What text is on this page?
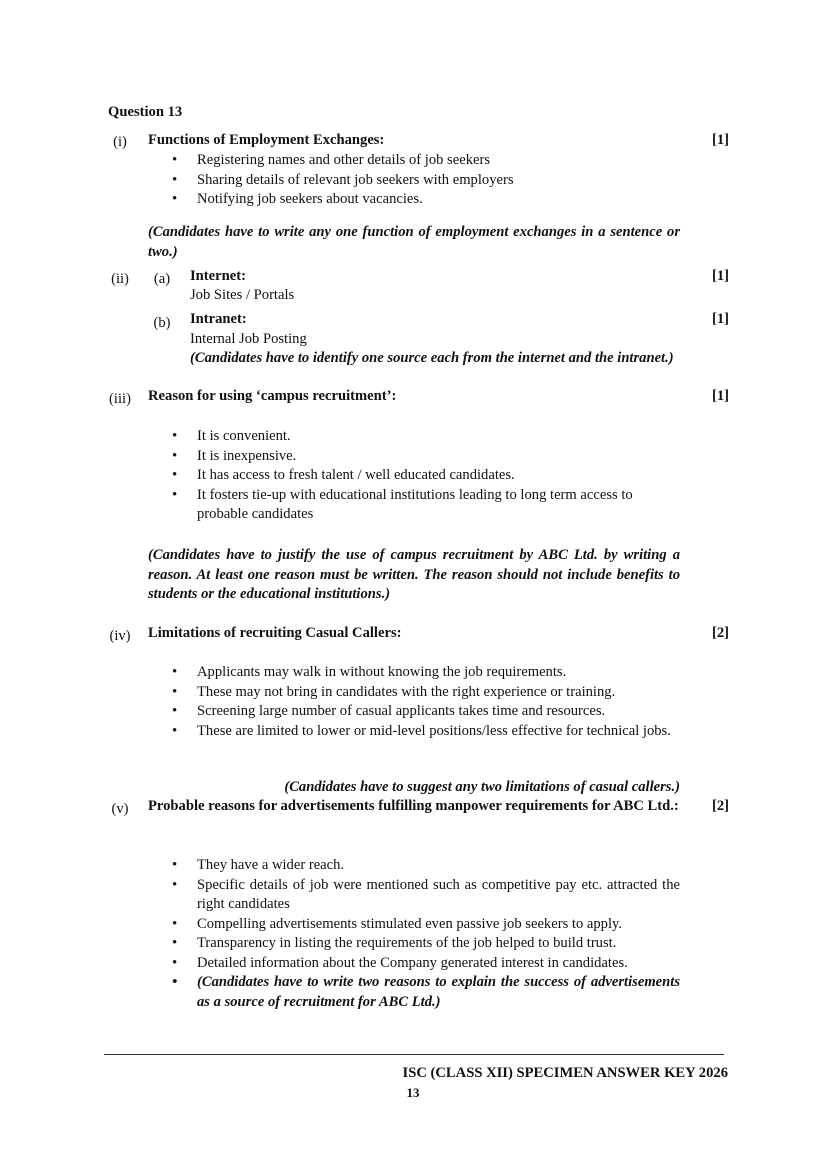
Question 13
(i)	Functions of Employment Exchanges:	[1]
• Registering names and other details of job seekers
• Sharing details of relevant job seekers with employers
• Notifying job seekers about vacancies.
(Candidates have to write any one function of employment exchanges in a sentence or two.)
(ii)	(a) Internet:	[1]
Job Sites / Portals
(b) Intranet:	[1]
Internal Job Posting
(Candidates have to identify one source each from the internet and the intranet.)
(iii)	Reason for using ‘campus recruitment’:	[1]
• It is convenient.
• It is inexpensive.
• It has access to fresh talent / well educated candidates.
• It fosters tie-up with educational institutions leading to long term access to probable candidates
(Candidates have to justify the use of campus recruitment by ABC Ltd. by writing a reason. At least one reason must be written. The reason should not include benefits to students or the educational institutions.)
(iv)	Limitations of recruiting Casual Callers:	[2]
• Applicants may walk in without knowing the job requirements.
• These may not bring in candidates with the right experience or training.
• Screening large number of casual applicants takes time and resources.
• These are limited to lower or mid-level positions/less effective for technical jobs.
(Candidates have to suggest any two limitations of casual callers.)
(v)	Probable reasons for advertisements fulfilling manpower requirements for ABC Ltd.:	[2]
• They have a wider reach.
• Specific details of job were mentioned such as competitive pay etc. attracted the right candidates
• Compelling advertisements stimulated even passive job seekers to apply.
• Transparency in listing the requirements of the job helped to build trust.
• Detailed information about the Company generated interest in candidates.
• (Candidates have to write two reasons to explain the success of advertisements as a source of recruitment for ABC Ltd.)
ISC (CLASS XII) SPECIMEN ANSWER KEY 2026
13
